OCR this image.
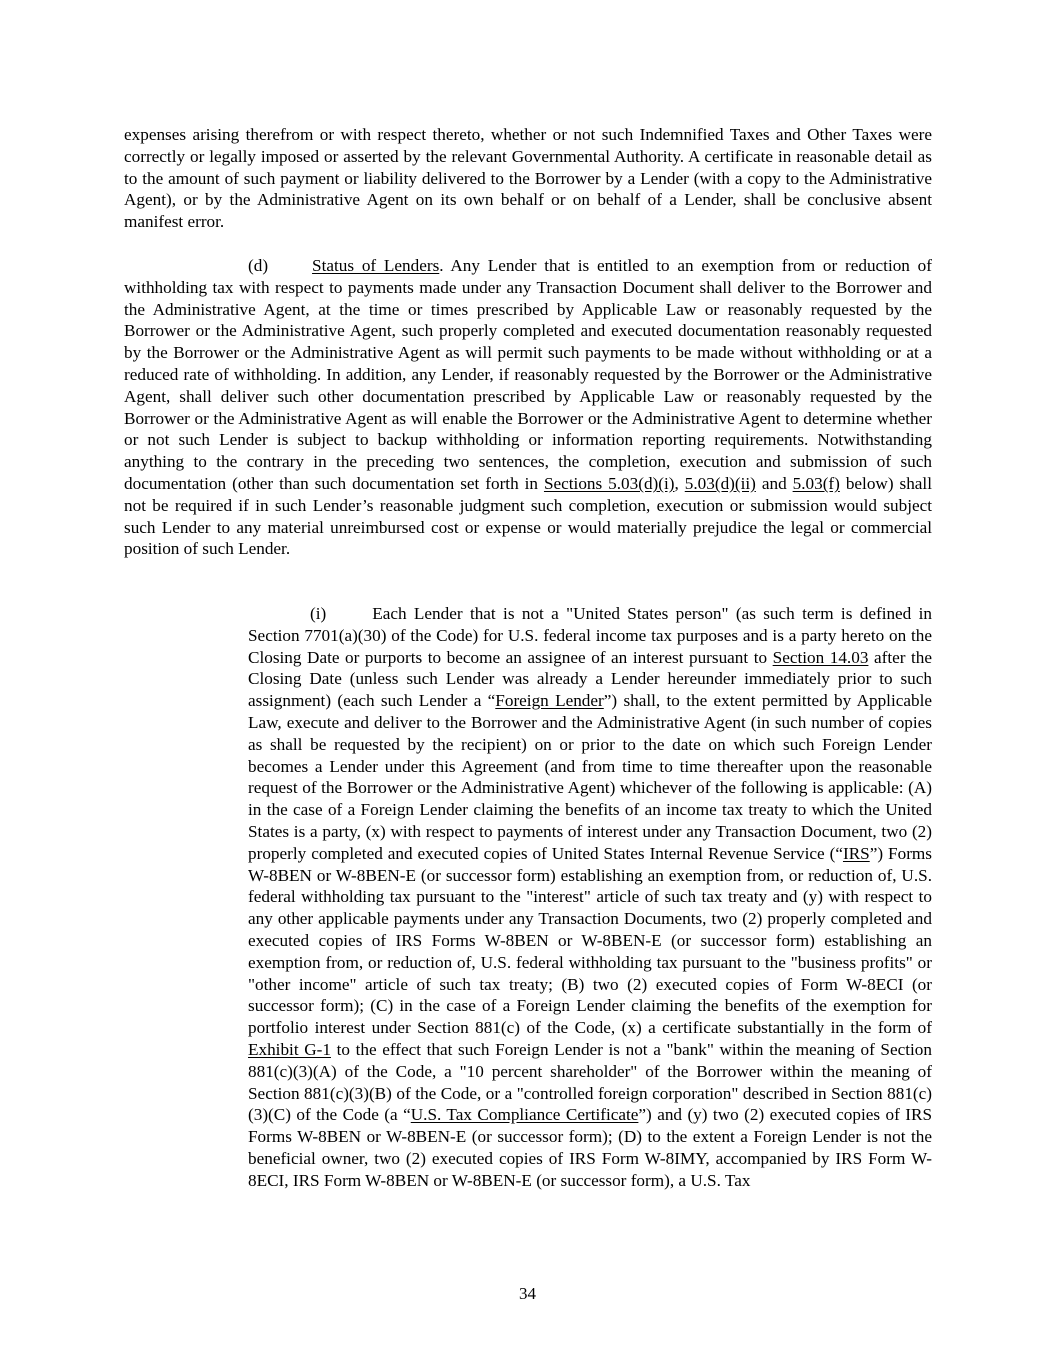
expenses arising therefrom or with respect thereto, whether or not such Indemnified Taxes and Other Taxes were correctly or legally imposed or asserted by the relevant Governmental Authority. A certificate in reasonable detail as to the amount of such payment or liability delivered to the Borrower by a Lender (with a copy to the Administrative Agent), or by the Administrative Agent on its own behalf or on behalf of a Lender, shall be conclusive absent manifest error.

(d)	Status of Lenders. Any Lender that is entitled to an exemption from or reduction of withholding tax with respect to payments made under any Transaction Document shall deliver to the Borrower and the Administrative Agent, at the time or times prescribed by Applicable Law or reasonably requested by the Borrower or the Administrative Agent, such properly completed and executed documentation reasonably requested by the Borrower or the Administrative Agent as will permit such payments to be made without withholding or at a reduced rate of withholding. In addition, any Lender, if reasonably requested by the Borrower or the Administrative Agent, shall deliver such other documentation prescribed by Applicable Law or reasonably requested by the Borrower or the Administrative Agent as will enable the Borrower or the Administrative Agent to determine whether or not such Lender is subject to backup withholding or information reporting requirements. Notwithstanding anything to the contrary in the preceding two sentences, the completion, execution and submission of such documentation (other than such documentation set forth in Sections 5.03(d)(i), 5.03(d)(ii) and 5.03(f) below) shall not be required if in such Lender’s reasonable judgment such completion, execution or submission would subject such Lender to any material unreimbursed cost or expense or would materially prejudice the legal or commercial position of such Lender.

(i)	Each Lender that is not a "United States person" (as such term is defined in Section 7701(a)(30) of the Code) for U.S. federal income tax purposes and is a party hereto on the Closing Date or purports to become an assignee of an interest pursuant to Section 14.03 after the Closing Date (unless such Lender was already a Lender hereunder immediately prior to such assignment) (each such Lender a “Foreign Lender”) shall, to the extent permitted by Applicable Law, execute and deliver to the Borrower and the Administrative Agent (in such number of copies as shall be requested by the recipient) on or prior to the date on which such Foreign Lender becomes a Lender under this Agreement (and from time to time thereafter upon the reasonable request of the Borrower or the Administrative Agent) whichever of the following is applicable: (A) in the case of a Foreign Lender claiming the benefits of an income tax treaty to which the United States is a party, (x) with respect to payments of interest under any Transaction Document, two (2) properly completed and executed copies of United States Internal Revenue Service (“IRS”) Forms W-8BEN or W-8BEN-E (or successor form) establishing an exemption from, or reduction of, U.S. federal withholding tax pursuant to the "interest" article of such tax treaty and (y) with respect to any other applicable payments under any Transaction Documents, two (2) properly completed and executed copies of IRS Forms W-8BEN or W-8BEN-E (or successor form) establishing an exemption from, or reduction of, U.S. federal withholding tax pursuant to the "business profits" or "other income" article of such tax treaty; (B) two (2) executed copies of Form W-8ECI (or successor form); (C) in the case of a Foreign Lender claiming the benefits of the exemption for portfolio interest under Section 881(c) of the Code, (x) a certificate substantially in the form of Exhibit G-1 to the effect that such Foreign Lender is not a "bank" within the meaning of Section 881(c)(3)(A) of the Code, a "10 percent shareholder" of the Borrower within the meaning of Section 881(c)(3)(B) of the Code, or a "controlled foreign corporation" described in Section 881(c)(3)(C) of the Code (a “U.S. Tax Compliance Certificate”) and (y) two (2) executed copies of IRS Forms W-8BEN or W-8BEN-E (or successor form); (D) to the extent a Foreign Lender is not the beneficial owner, two (2) executed copies of IRS Form W-8IMY, accompanied by IRS Form W-8ECI, IRS Form W-8BEN or W-8BEN-E (or successor form), a U.S. Tax

34
